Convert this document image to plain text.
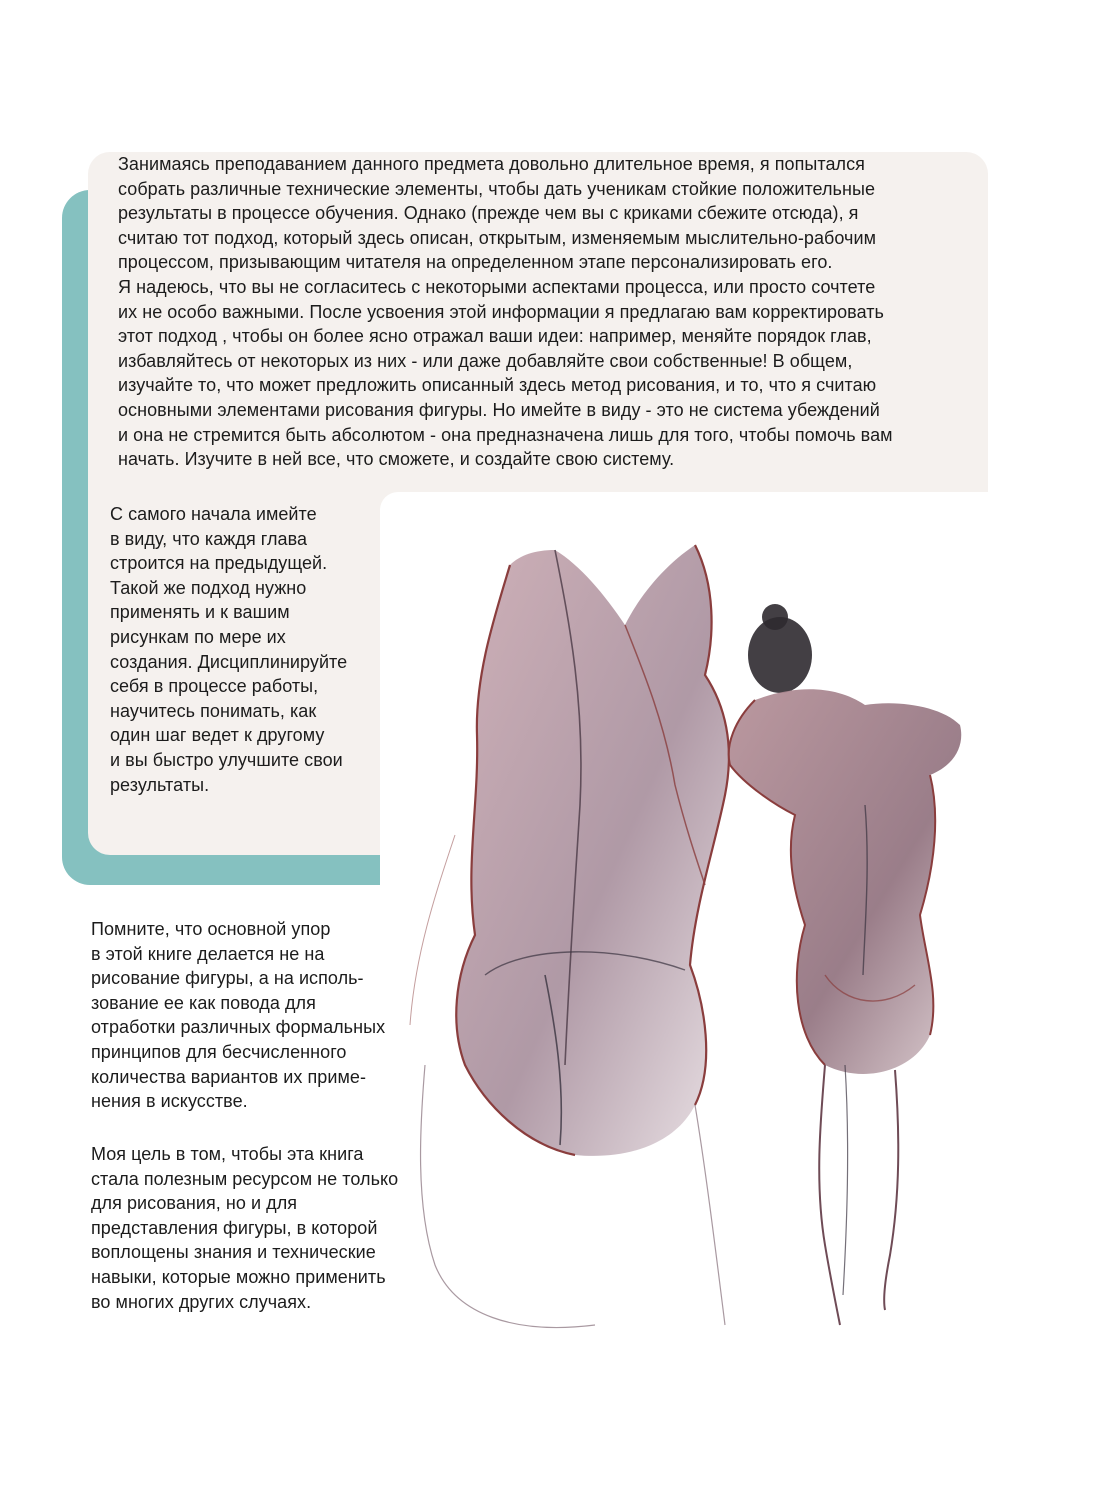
Занимаясь преподаванием данного предмета довольно длительное время, я попытался
собрать различные технические элементы, чтобы дать ученикам стойкие положительные
результаты в процессе обучения. Однако (прежде чем вы с криками сбежите отсюда), я
считаю тот подход, который здесь описан, открытым, изменяемым мыслительно-рабочим
процессом, призывающим читателя на определенном этапе персонализировать его.
Я надеюсь, что вы не согласитесь с некоторыми аспектами процесса, или просто сочтете
их не особо важными. После усвоения этой информации я предлагаю вам корректировать
этот подход , чтобы он более ясно отражал ваши идеи: например, меняйте порядок глав,
избавляйтесь от некоторых из них - или даже добавляйте свои собственные! В общем,
изучайте то, что может предложить описанный здесь метод рисования, и то, что я считаю
основными элементами рисования фигуры. Но имейте в виду - это не система убеждений
и она не стремится быть абсолютом - она предназначена лишь для того, чтобы помочь вам
начать. Изучите в ней все, что сможете, и создайте свою систему.
С самого начала имейте
в виду, что каждя глава
строится на предыдущей.
Такой же подход нужно
применять и к вашим
рисункам по мере их
создания. Дисциплинируйте
себя в процессе работы,
научитесь понимать, как
один шаг ведет к другому
и вы быстро улучшите свои
результаты.
Помните, что основной упор
в этой книге делается не на
рисование фигуры, а на исполь-
зование ее как повода для
отработки различных формальных
принципов для бесчисленного
количества вариантов их приме-
нения в искусстве.
Моя цель в том, чтобы эта книга
стала полезным ресурсом не только
для рисования, но и для
представления фигуры, в которой
воплощены знания и технические
навыки, которые можно применить
во многих других случаях.
